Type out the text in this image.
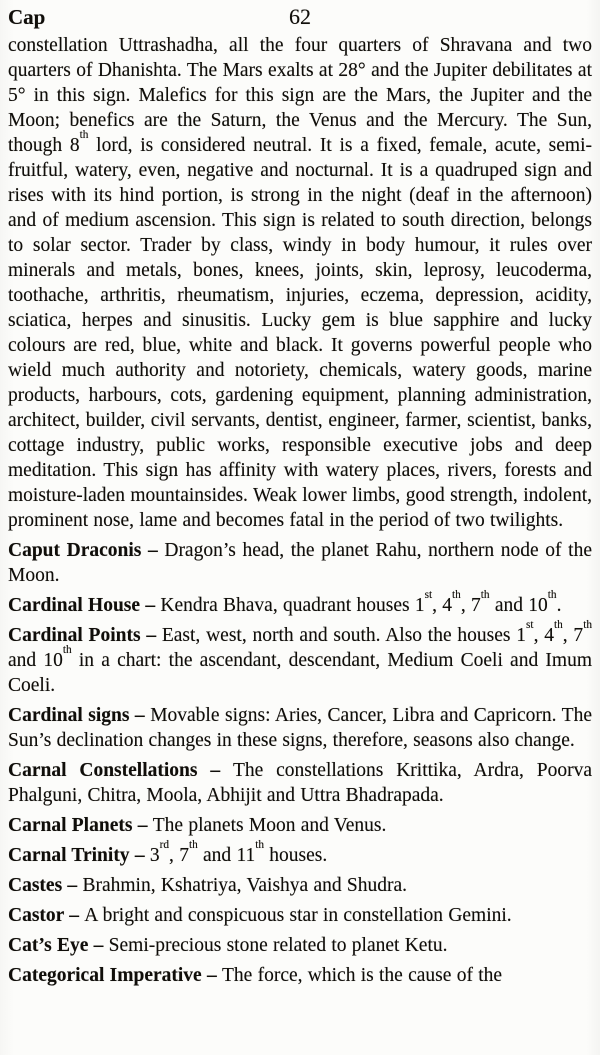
Cap	62

constellation Uttrashadha, all the four quarters of Shravana and two quarters of Dhanishta. The Mars exalts at 28° and the Jupiter debilitates at 5° in this sign. Malefics for this sign are the Mars, the Jupiter and the Moon; benefics are the Saturn, the Venus and the Mercury. The Sun, though 8th lord, is considered neutral. It is a fixed, female, acute, semi-fruitful, watery, even, negative and nocturnal. It is a quadruped sign and rises with its hind portion, is strong in the night (deaf in the afternoon) and of medium ascension. This sign is related to south direction, belongs to solar sector. Trader by class, windy in body humour, it rules over minerals and metals, bones, knees, joints, skin, leprosy, leucoderma, toothache, arthritis, rheumatism, injuries, eczema, depression, acidity, sciatica, herpes and sinusitis. Lucky gem is blue sapphire and lucky colours are red, blue, white and black. It governs powerful people who wield much authority and notoriety, chemicals, watery goods, marine products, harbours, cots, gardening equipment, planning administration, architect, builder, civil servants, dentist, engineer, farmer, scientist, banks, cottage industry, public works, responsible executive jobs and deep meditation. This sign has affinity with watery places, rivers, forests and moisture-laden mountainsides. Weak lower limbs, good strength, indolent, prominent nose, lame and becomes fatal in the period of two twilights.

Caput Draconis – Dragon’s head, the planet Rahu, northern node of the Moon.

Cardinal House – Kendra Bhava, quadrant houses 1st, 4th, 7th and 10th.

Cardinal Points – East, west, north and south. Also the houses 1st, 4th, 7th and 10th in a chart: the ascendant, descendant, Medium Coeli and Imum Coeli.

Cardinal signs – Movable signs: Aries, Cancer, Libra and Capricorn. The Sun’s declination changes in these signs, therefore, seasons also change.

Carnal Constellations – The constellations Krittika, Ardra, Poorva Phalguni, Chitra, Moola, Abhijit and Uttra Bhadrapada.

Carnal Planets – The planets Moon and Venus.

Carnal Trinity – 3rd, 7th and 11th houses.

Castes – Brahmin, Kshatriya, Vaishya and Shudra.

Castor – A bright and conspicuous star in constellation Gemini.

Cat’s Eye – Semi-precious stone related to planet Ketu.

Categorical Imperative – The force, which is the cause of the
